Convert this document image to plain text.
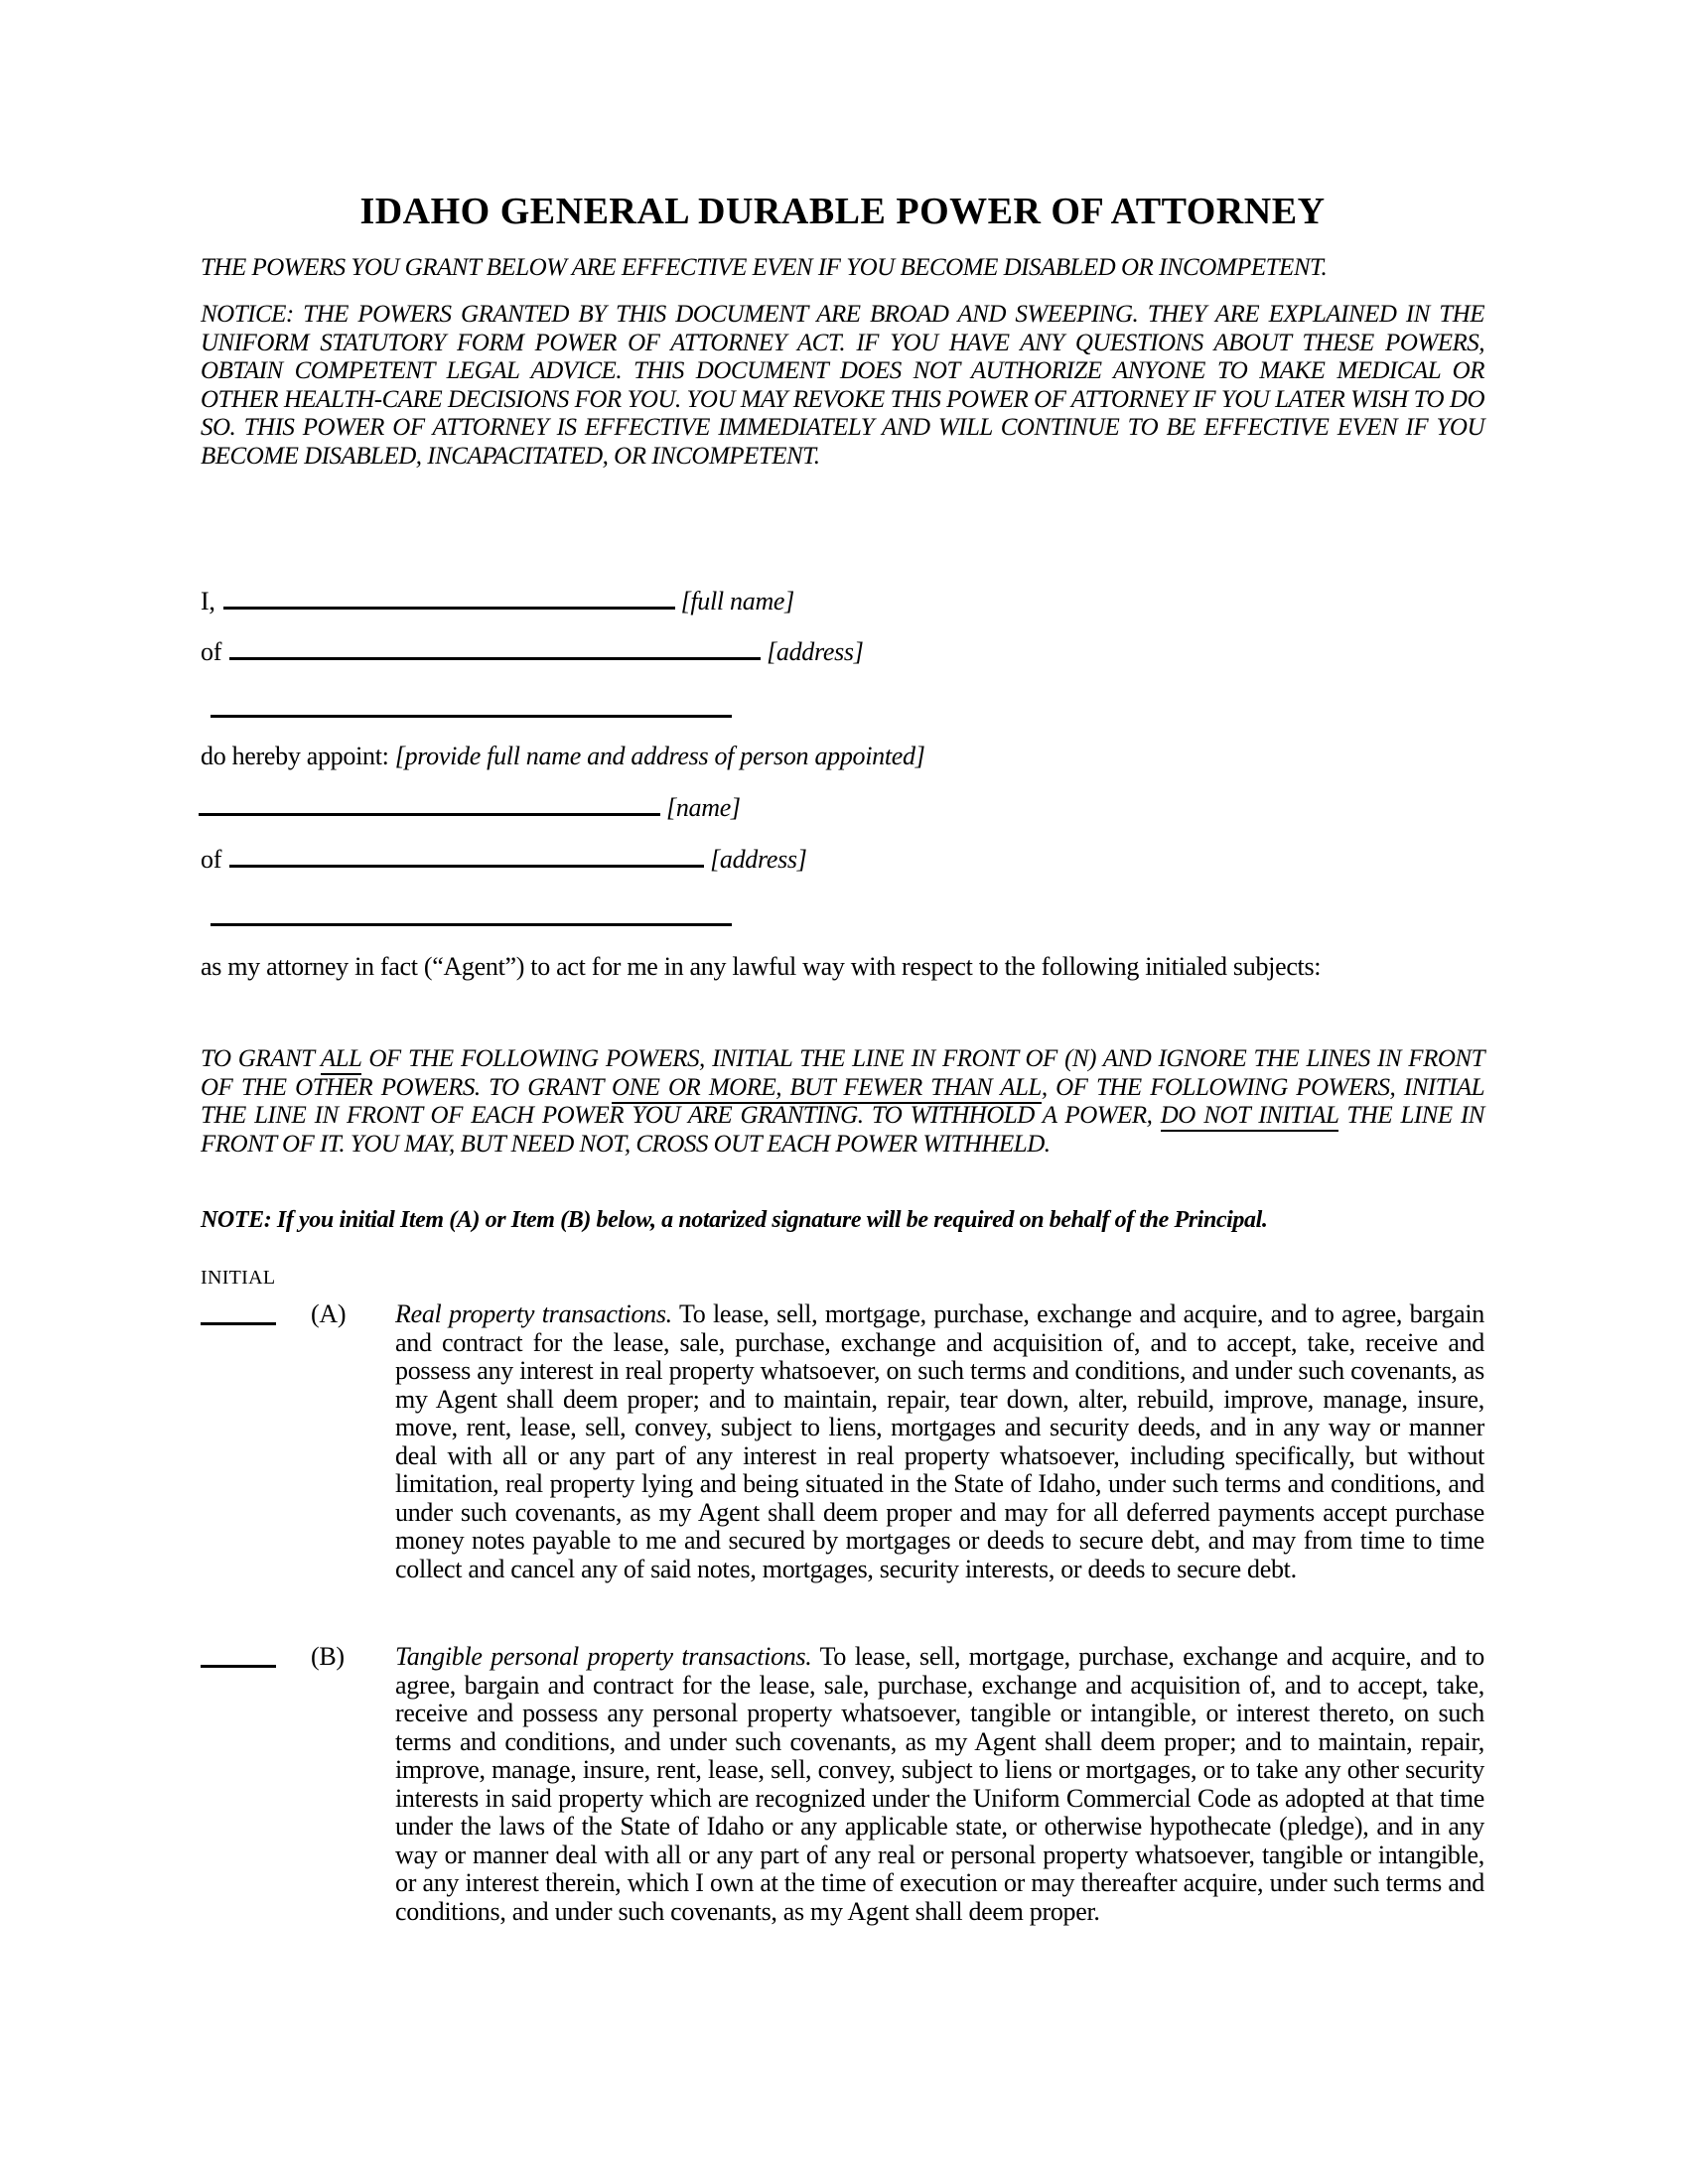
IDAHO GENERAL DURABLE POWER OF ATTORNEY
THE POWERS YOU GRANT BELOW ARE EFFECTIVE EVEN IF YOU BECOME DISABLED OR INCOMPETENT.
NOTICE: THE POWERS GRANTED BY THIS DOCUMENT ARE BROAD AND SWEEPING. THEY ARE EXPLAINED IN THE UNIFORM STATUTORY FORM POWER OF ATTORNEY ACT. IF YOU HAVE ANY QUESTIONS ABOUT THESE POWERS, OBTAIN COMPETENT LEGAL ADVICE. THIS DOCUMENT DOES NOT AUTHORIZE ANYONE TO MAKE MEDICAL OR OTHER HEALTH-CARE DECISIONS FOR YOU. YOU MAY REVOKE THIS POWER OF ATTORNEY IF YOU LATER WISH TO DO SO. THIS POWER OF ATTORNEY IS EFFECTIVE IMMEDIATELY AND WILL CONTINUE TO BE EFFECTIVE EVEN IF YOU BECOME DISABLED, INCAPACITATED, OR INCOMPETENT.
I,	[full name]
of	[address]
do hereby appoint: [provide full name and address of person appointed]
[name]
of	[address]
as my attorney in fact (“Agent”) to act for me in any lawful way with respect to the following initialed subjects:
TO GRANT ALL OF THE FOLLOWING POWERS, INITIAL THE LINE IN FRONT OF (N) AND IGNORE THE LINES IN FRONT OF THE OTHER POWERS. TO GRANT ONE OR MORE, BUT FEWER THAN ALL, OF THE FOLLOWING POWERS, INITIAL THE LINE IN FRONT OF EACH POWER YOU ARE GRANTING. TO WITHHOLD A POWER, DO NOT INITIAL THE LINE IN FRONT OF IT. YOU MAY, BUT NEED NOT, CROSS OUT EACH POWER WITHHELD.
NOTE: If you initial Item (A) or Item (B) below, a notarized signature will be required on behalf of the Principal.
INITIAL
(A) Real property transactions. To lease, sell, mortgage, purchase, exchange and acquire, and to agree, bargain and contract for the lease, sale, purchase, exchange and acquisition of, and to accept, take, receive and possess any interest in real property whatsoever, on such terms and conditions, and under such covenants, as my Agent shall deem proper; and to maintain, repair, tear down, alter, rebuild, improve, manage, insure, move, rent, lease, sell, convey, subject to liens, mortgages and security deeds, and in any way or manner deal with all or any part of any interest in real property whatsoever, including specifically, but without limitation, real property lying and being situated in the State of Idaho, under such terms and conditions, and under such covenants, as my Agent shall deem proper and may for all deferred payments accept purchase money notes payable to me and secured by mortgages or deeds to secure debt, and may from time to time collect and cancel any of said notes, mortgages, security interests, or deeds to secure debt.
(B) Tangible personal property transactions. To lease, sell, mortgage, purchase, exchange and acquire, and to agree, bargain and contract for the lease, sale, purchase, exchange and acquisition of, and to accept, take, receive and possess any personal property whatsoever, tangible or intangible, or interest thereto, on such terms and conditions, and under such covenants, as my Agent shall deem proper; and to maintain, repair, improve, manage, insure, rent, lease, sell, convey, subject to liens or mortgages, or to take any other security interests in said property which are recognized under the Uniform Commercial Code as adopted at that time under the laws of the State of Idaho or any applicable state, or otherwise hypothecate (pledge), and in any way or manner deal with all or any part of any real or personal property whatsoever, tangible or intangible, or any interest therein, which I own at the time of execution or may thereafter acquire, under such terms and conditions, and under such covenants, as my Agent shall deem proper.
